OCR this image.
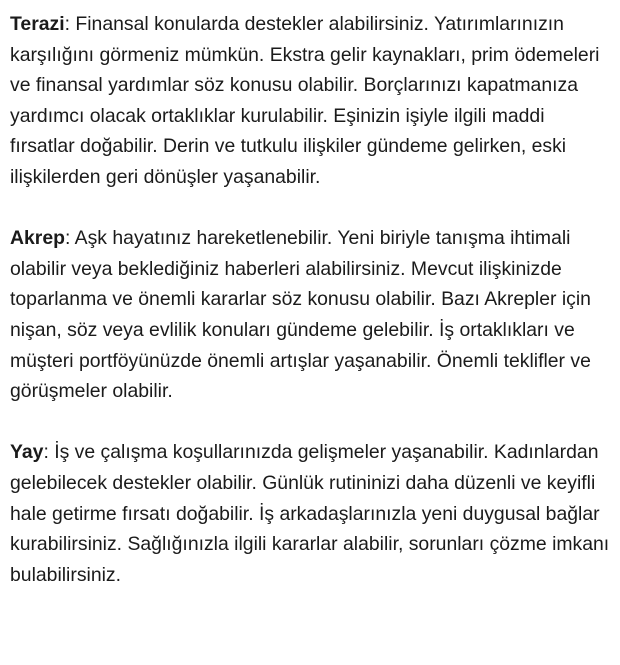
Terazi: Finansal konularda destekler alabilirsiniz. Yatırımlarınızın karşılığını görmeniz mümkün. Ekstra gelir kaynakları, prim ödemeleri ve finansal yardımlar söz konusu olabilir. Borçlarınızı kapatmanıza yardımcı olacak ortaklıklar kurulabilir. Eşinizin işiyle ilgili maddi fırsatlar doğabilir. Derin ve tutkulu ilişkiler gündeme gelirken, eski ilişkilerden geri dönüşler yaşanabilir.

Akrep: Aşk hayatınız hareketlenebilir. Yeni biriyle tanışma ihtimali olabilir veya beklediğiniz haberleri alabilirsiniz. Mevcut ilişkinizde toparlanma ve önemli kararlar söz konusu olabilir. Bazı Akrepler için nişan, söz veya evlilik konuları gündeme gelebilir. İş ortaklıkları ve müşteri portföyünüzde önemli artışlar yaşanabilir. Önemli teklifler ve görüşmeler olabilir.

Yay: İş ve çalışma koşullarınızda gelişmeler yaşanabilir. Kadınlardan gelebilecek destekler olabilir. Günlük rutininizi daha düzenli ve keyifli hale getirme fırsatı doğabilir. İş arkadaşlarınızla yeni duygusal bağlar kurabilirsiniz. Sağlığınızla ilgili kararlar alabilir, sorunları çözme imkanı bulabilirsiniz.
